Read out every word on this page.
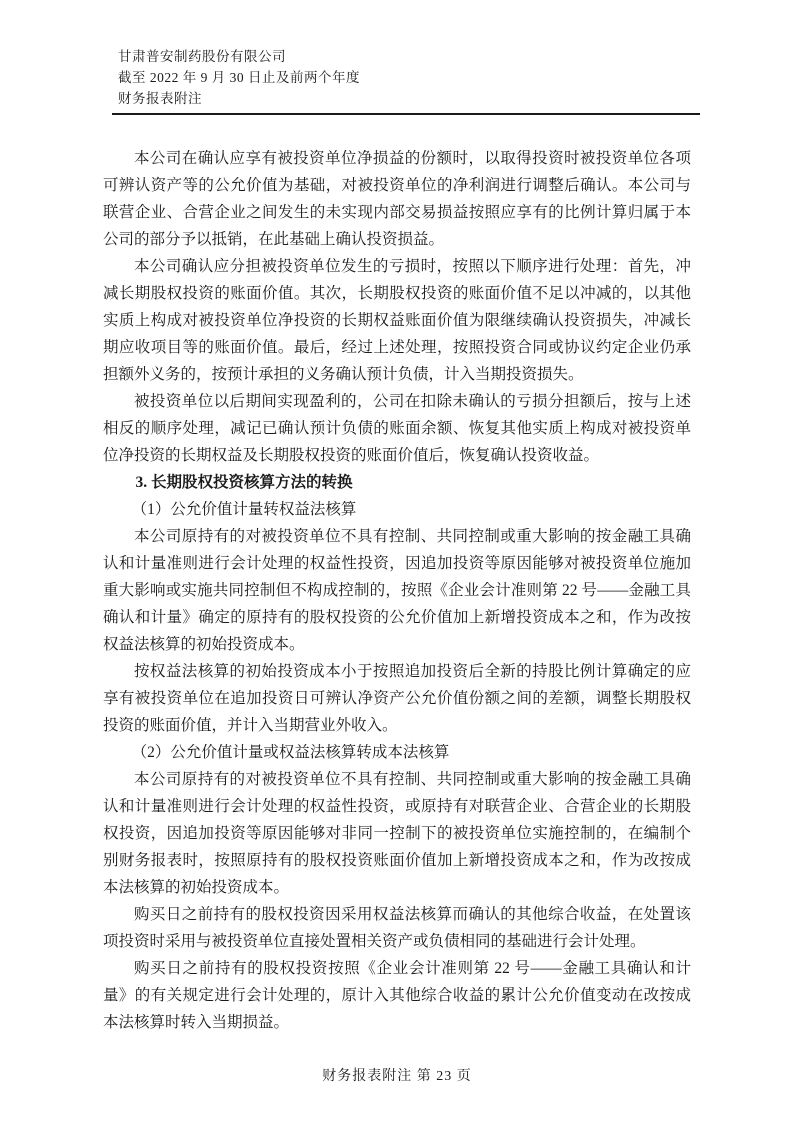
甘肃普安制药股份有限公司
截至 2022 年 9 月 30 日止及前两个年度
财务报表附注

本公司在确认应享有被投资单位净损益的份额时，以取得投资时被投资单位各项可辨认资产等的公允价值为基础，对被投资单位的净利润进行调整后确认。本公司与联营企业、合营企业之间发生的未实现内部交易损益按照应享有的比例计算归属于本公司的部分予以抵销，在此基础上确认投资损益。

本公司确认应分担被投资单位发生的亏损时，按照以下顺序进行处理：首先，冲减长期股权投资的账面价值。其次，长期股权投资的账面价值不足以冲减的，以其他实质上构成对被投资单位净投资的长期权益账面价值为限继续确认投资损失，冲减长期应收项目等的账面价值。最后，经过上述处理，按照投资合同或协议约定企业仍承担额外义务的，按预计承担的义务确认预计负债，计入当期投资损失。

被投资单位以后期间实现盈利的，公司在扣除未确认的亏损分担额后，按与上述相反的顺序处理，减记已确认预计负债的账面余额、恢复其他实质上构成对被投资单位净投资的长期权益及长期股权投资的账面价值后，恢复确认投资收益。

3. 长期股权投资核算方法的转换

（1）公允价值计量转权益法核算

本公司原持有的对被投资单位不具有控制、共同控制或重大影响的按金融工具确认和计量准则进行会计处理的权益性投资，因追加投资等原因能够对被投资单位施加重大影响或实施共同控制但不构成控制的，按照《企业会计准则第 22 号——金融工具确认和计量》确定的原持有的股权投资的公允价值加上新增投资成本之和，作为改按权益法核算的初始投资成本。

按权益法核算的初始投资成本小于按照追加投资后全新的持股比例计算确定的应享有被投资单位在追加投资日可辨认净资产公允价值份额之间的差额，调整长期股权投资的账面价值，并计入当期营业外收入。

（2）公允价值计量或权益法核算转成本法核算

本公司原持有的对被投资单位不具有控制、共同控制或重大影响的按金融工具确认和计量准则进行会计处理的权益性投资，或原持有对联营企业、合营企业的长期股权投资，因追加投资等原因能够对非同一控制下的被投资单位实施控制的，在编制个别财务报表时，按照原持有的股权投资账面价值加上新增投资成本之和，作为改按成本法核算的初始投资成本。

购买日之前持有的股权投资因采用权益法核算而确认的其他综合收益，在处置该项投资时采用与被投资单位直接处置相关资产或负债相同的基础进行会计处理。

购买日之前持有的股权投资按照《企业会计准则第 22 号——金融工具确认和计量》的有关规定进行会计处理的，原计入其他综合收益的累计公允价值变动在改按成本法核算时转入当期损益。

财务报表附注 第 23 页
